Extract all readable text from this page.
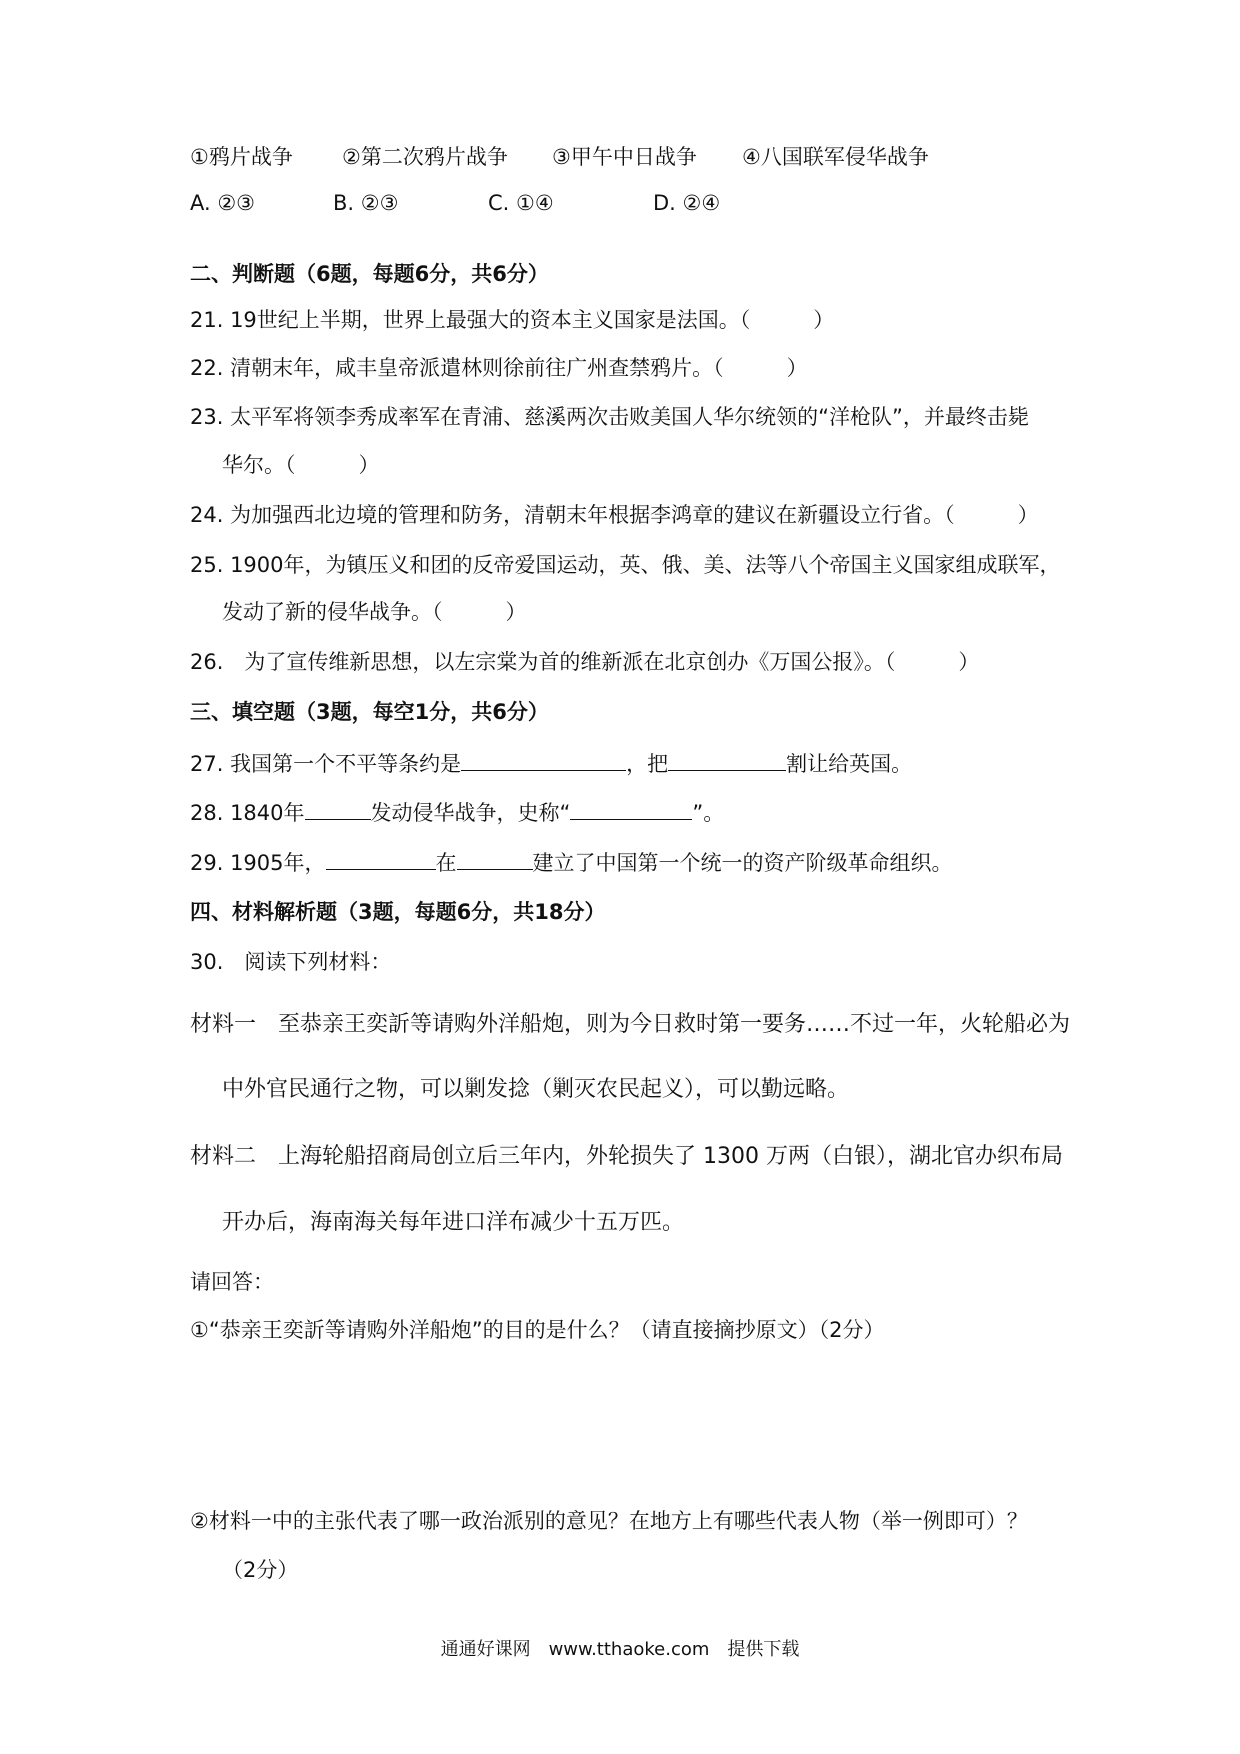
①鸦片战争 ②第二次鸦片战争 ③甲午中日战争 ④八国联军侵华战争
A. ②③	B. ②③	C. ①④	D. ②④
二、判断题（6题，每题6分，共6分）
21. 19世纪上半期，世界上最强大的资本主义国家是法国。（　　　）
22. 清朝末年，咸丰皇帝派遣林则徐前往广州查禁鸦片。（　　　）
23. 太平军将领李秀成率军在青浦、慈溪两次击败美国人华尔统领的“洋枪队”，并最终击毙
华尔。（　　　）
24. 为加强西北边境的管理和防务，清朝末年根据李鸿章的建议在新疆设立行省。（　　　）
25. 1900年，为镇压义和团的反帝爱国运动，英、俄、美、法等八个帝国主义国家组成联军，
发动了新的侵华战争。（　　　）
26.　为了宣传维新思想，以左宗棠为首的维新派在北京创办《万国公报》。（　　　）
三、填空题（3题，每空1分，共6分）
27. 我国第一个不平等条约是	，把	割让给英国。
28. 1840年	发动侵华战争，史称“	”。
29. 1905年，	在	建立了中国第一个统一的资产阶级革命组织。
四、材料解析题（3题，每题6分，共18分）
30.　阅读下列材料：
材料一　至恭亲王奕訢等请购外洋船炮，则为今日救时第一要务……不过一年，火轮船必为
中外官民通行之物，可以剿发捻（剿灭农民起义），可以勤远略。
材料二　上海轮船招商局创立后三年内，外轮损失了 1300 万两（白银），湖北官办织布局
开办后，海南海关每年进口洋布减少十五万匹。
请回答：
①“恭亲王奕訢等请购外洋船炮”的目的是什么？（请直接摘抄原文）（2分）
②材料一中的主张代表了哪一政治派别的意见？在地方上有哪些代表人物（举一例即可）？
（2分）
通通好课网　www.tthaoke.com　提供下载
